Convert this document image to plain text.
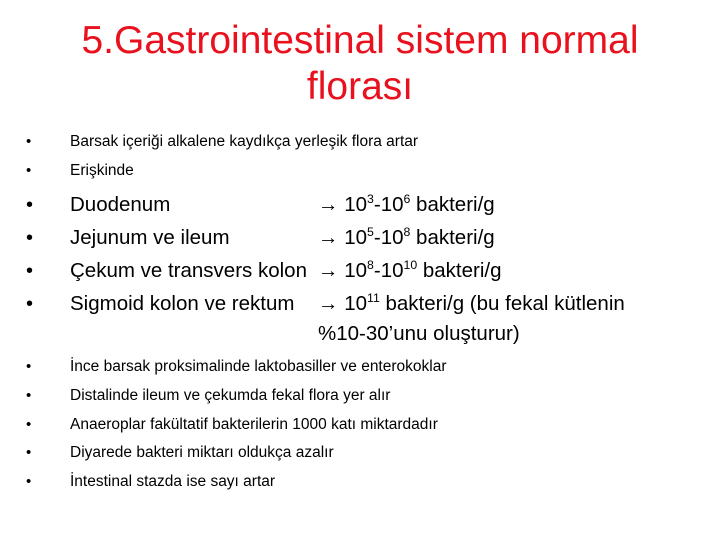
5.Gastrointestinal sistem normal
florası
• Barsak içeriği alkalene kaydıkça yerleşik flora artar
• Erişkinde
• Duodenum	→ $10^3-10^6$ bakteri/g
• Jejunum ve ileum	→ $10^5-10^8$ bakteri/g
• Çekum ve transvers kolon → $10^8-10^{10}$ bakteri/g
• Sigmoid kolon ve rektum → $10^{11}$ bakteri/g (bu fekal kütlenin
%10-30’unu oluşturur)
• İnce barsak proksimalinde laktobasiller ve enterokoklar
• Distalinde ileum ve çekumda fekal flora yer alır
• Anaeroplar fakültatif bakterilerin 1000 katı miktardadır
• Diyarede bakteri miktarı oldukça azalır
• İntestinal stazda ise sayı artar
